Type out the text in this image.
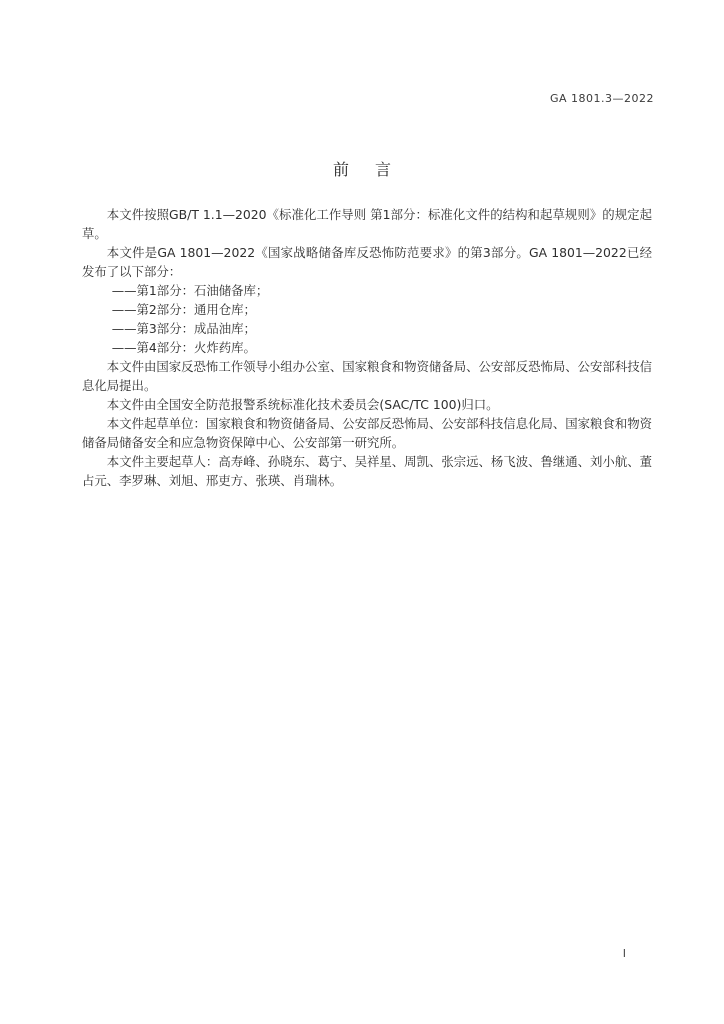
GA 1801.3—2022
前言

本文件按照GB/T 1.1—2020《标准化工作导则 第1部分：标准化文件的结构和起草规则》的规定起草。

本文件是GA 1801—2022《国家战略储备库反恐怖防范要求》的第3部分。GA 1801—2022已经发布了以下部分：

——第1部分：石油储备库；

——第2部分：通用仓库；

——第3部分：成品油库；

——第4部分：火炸药库。

本文件由国家反恐怖工作领导小组办公室、国家粮食和物资储备局、公安部反恐怖局、公安部科技信息化局提出。

本文件由全国安全防范报警系统标准化技术委员会(SAC/TC 100)归口。

本文件起草单位：国家粮食和物资储备局、公安部反恐怖局、公安部科技信息化局、国家粮食和物资储备局储备安全和应急物资保障中心、公安部第一研究所。

本文件主要起草人：高寿峰、孙晓东、葛宁、吴祥星、周凯、张宗远、杨飞波、鲁继通、刘小航、董占元、李罗琳、刘旭、邢吏方、张瑛、肖瑞林。

I
